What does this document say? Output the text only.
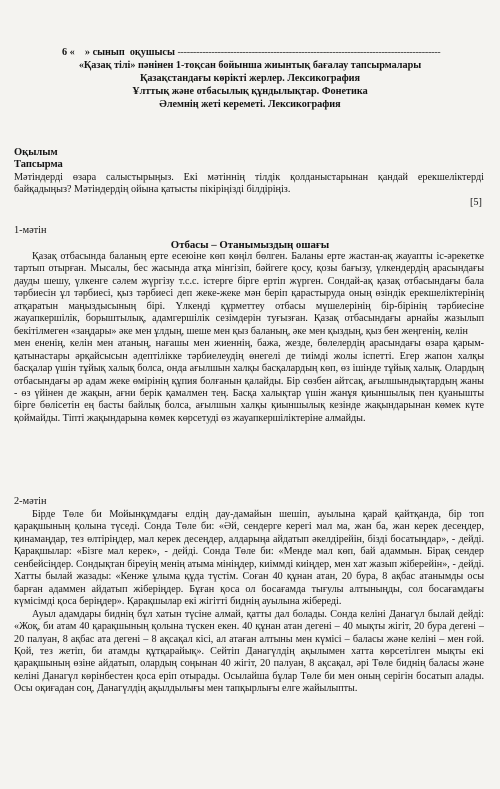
6 «    » сынып  оқушысы -------------------------------------------------------------------------------------
«Қазақ тілі» пәнінен 1-тоқсан бойынша жиынтық бағалау тапсырмалары
Қазақстандағы көрікті жерлер. Лексикография
Ұлттық және отбасылық құндылықтар. Фонетика
Әлемнің жеті кереметі. Лексикография
Оқылым
Тапсырма
Мәтіндерді өзара салыстырыңыз. Екі мәтіннің тілдік қолданыстарынан қандай ерекшеліктерді байқадыңыз? Мәтіндердің ойына қатысты пікіріңізді білдіріңіз.
[5]
1-мәтін
Отбасы – Отанымыздың ошағы

Қазақ отбасында баланың ерте есеюіне көп көңіл бөлген. Баланы ерте жастан-ақ жауапты іс-әрекетке тартып отырған. Мысалы, бес жасында атқа мінгізіп, бәйгеге қосу, қозы бағызу, үлкендердің арасындағы дауды шешу, үлкенге сәлем жүргізу т.с.с. істерге бірге ертіп жүрген. Сондай-ақ қазақ отбасындағы бала тәрбиесін ұл тәрбиесі, қыз тәрбиесі деп жеке-жеке мән беріп қарастыруда оның өзіндік ерекшеліктерінің атқаратын маңыздысының бірі. Үлкенді құрметтеу отбасы мүшелерінің бір-бірінің тәрбиесіне жауапкершілік, борыштылық, адамгершілік сезімдерін туғызған. Қазақ отбасындағы арнайы жазылып бекітілмеген «заңдары» әке мен ұлдың, шеше мен қыз баланың, әке мен қыздың, қыз бен жеңгенің, келін

мен ененің, келін мен атаның, нағашы мен жиеннің, бажа, жезде, бөлелердің арасындағы өзара қарым-қатынастары әрқайсысын әдептілікке тәрбиелеудің өнегелі де тиімді жолы іспетті. Егер жапон халқы басқалар үшін тұйық халық болса, онда ағылшын халқы басқалардың көп, өз ішінде тұйық халық. Олардың отбасындағы әр адам жеке өмірінің құпия болғанын қалайды. Бір сөзбен айтсақ, ағылшындықтардың жаны - өз үйінен де жақын, ағни берік қамалмен тең. Басқа халықтар үшін жанұя қиыншылық пен қуанышты бірге бөлісетін ең басты байлық болса, ағылшын халқы қиыншылық кезінде жақындарынан көмек күте қоймайды. Тіпті жақындарына көмек көрсетуді өз жауапкершіліктеріне алмайды.

2-мәтін

Бірде Төле би Мойынқұмдағы елдің дау-дамайын шешіп, ауылына қарай қайтқанда, бір топ қарақшының қолына түседі. Сонда Төле би: «Әй, сендерге керегі мал ма, жан ба, жан керек десеңдер, қинамаңдар, тез өлтіріңдер, мал керек десеңдер, алдарыңа айдатып әкелдірейін, бізді босатыңдар», - дейді. Қарақшылар: «Бізге мал керек», - дейді. Сонда Төле би: «Менде мал көп, бай адаммын. Бірақ сендер сенбейсіңдер. Сондықтан біреуің менің атыма мініңдер, киіммді киіңдер, мен хат жазып жіберейін», - дейді. Хатты былай жазады: «Кенже ұлыма құда түстім. Соған 40 құнан атан, 20 бура, 8 ақбас атанымды осы барған адаммен айдатып жіберіңдер. Бұған қоса ол босағамда тығулы алтыныңды, сол босағамдағы күмісімді қоса беріңдер». Қарақшылар екі жігітті биднің ауылына жібереді.

Ауыл адамдары биднің бұл хатын түсіне алмай, қатты дал болады. Сонда келіні Данагүл былай дейді: «Жоқ, би атам 40 қарақшының қолына түскен екен. 40 құнан атан дегені – 40 мықты жігіт, 20 бура дегені – 20 палуан, 8 ақбас ата дегені – 8 ақсақал кісі, ал атаған алтыны мен күмісі – баласы және келіні – мен ғой. Қой, тез жетіп, би атамды құтқарайық». Сейтіп Данагүлдің ақылымен хатта көрсетілген мықты екі қарақшының өзіне айдатып, олардың соңынан 40 жігіт, 20 палуан, 8 ақсақал, әрі Төле биднің баласы және келіні Данагүл көрінбестен қоса еріп отырады. Осылайша бұлар Төле би мен оның серігін босатып алады. Осы оқиғадан соң, Данагүлдің ақылдылығы мен тапқырлығы елге жайылыпты.
